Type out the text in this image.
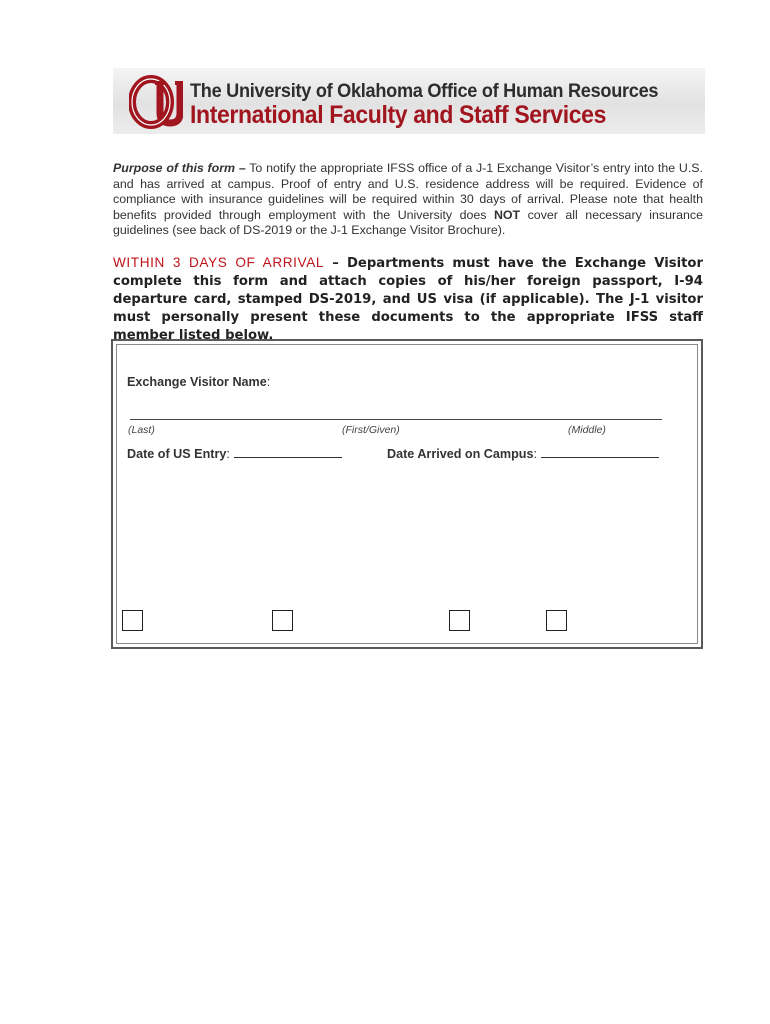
The University of Oklahoma Office of Human Resources
International Faculty and Staff Services
Purpose of this form – To notify the appropriate IFSS office of a J-1 Exchange Visitor’s entry into the U.S. and has arrived at campus. Proof of entry and U.S. residence address will be required. Evidence of compliance with insurance guidelines will be required within 30 days of arrival. Please note that health benefits provided through employment with the University does NOT cover all necessary insurance guidelines (see back of DS-2019 or the J-1 Exchange Visitor Brochure).
WITHIN 3 DAYS OF ARRIVAL – Departments must have the Exchange Visitor complete this form and attach copies of his/her foreign passport, I-94 departure card, stamped DS-2019, and US visa (if applicable). The J-1 visitor must personally present these documents to the appropriate IFSS staff member listed below.
Exchange Visitor Name:
(Last)	(First/Given)	(Middle)
Date of US Entry:	Date Arrived on Campus:
